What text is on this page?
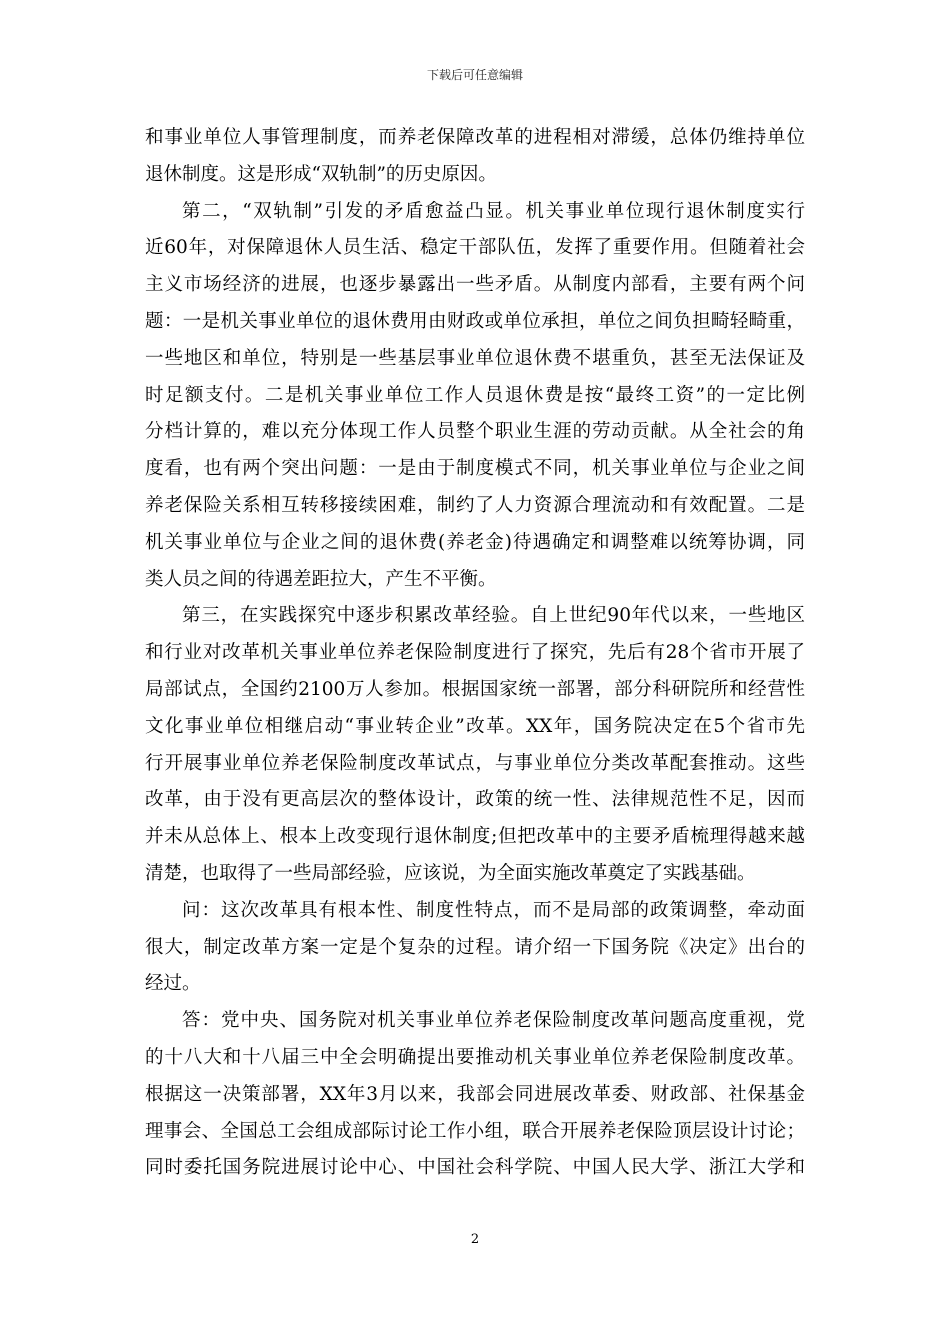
下载后可任意编辑
和事业单位人事管理制度，而养老保障改革的进程相对滞缓，总体仍维持单位
退休制度。这是形成“双轨制”的历史原因。
第二，“双轨制”引发的矛盾愈益凸显。机关事业单位现行退休制度实行
近60年，对保障退休人员生活、稳定干部队伍，发挥了重要作用。但随着社会
主义市场经济的进展，也逐步暴露出一些矛盾。从制度内部看，主要有两个问
题：一是机关事业单位的退休费用由财政或单位承担，单位之间负担畸轻畸重，
一些地区和单位，特别是一些基层事业单位退休费不堪重负，甚至无法保证及
时足额支付。二是机关事业单位工作人员退休费是按“最终工资”的一定比例
分档计算的，难以充分体现工作人员整个职业生涯的劳动贡献。从全社会的角
度看，也有两个突出问题：一是由于制度模式不同，机关事业单位与企业之间
养老保险关系相互转移接续困难，制约了人力资源合理流动和有效配置。二是
机关事业单位与企业之间的退休费(养老金)待遇确定和调整难以统筹协调，同
类人员之间的待遇差距拉大，产生不平衡。
第三，在实践探究中逐步积累改革经验。自上世纪90年代以来，一些地区
和行业对改革机关事业单位养老保险制度进行了探究，先后有28个省市开展了
局部试点，全国约2100万人参加。根据国家统一部署，部分科研院所和经营性
文化事业单位相继启动“事业转企业”改革。XX年，国务院决定在5个省市先
行开展事业单位养老保险制度改革试点，与事业单位分类改革配套推动。这些
改革，由于没有更高层次的整体设计，政策的统一性、法律规范性不足，因而
并未从总体上、根本上改变现行退休制度;但把改革中的主要矛盾梳理得越来越
清楚，也取得了一些局部经验，应该说，为全面实施改革奠定了实践基础。
问：这次改革具有根本性、制度性特点，而不是局部的政策调整，牵动面
很大，制定改革方案一定是个复杂的过程。请介绍一下国务院《决定》出台的
经过。
答：党中央、国务院对机关事业单位养老保险制度改革问题高度重视，党
的十八大和十八届三中全会明确提出要推动机关事业单位养老保险制度改革。
根据这一决策部署，XX年3月以来，我部会同进展改革委、财政部、社保基金
理事会、全国总工会组成部际讨论工作小组，联合开展养老保险顶层设计讨论；
同时委托国务院进展讨论中心、中国社会科学院、中国人民大学、浙江大学和
2
